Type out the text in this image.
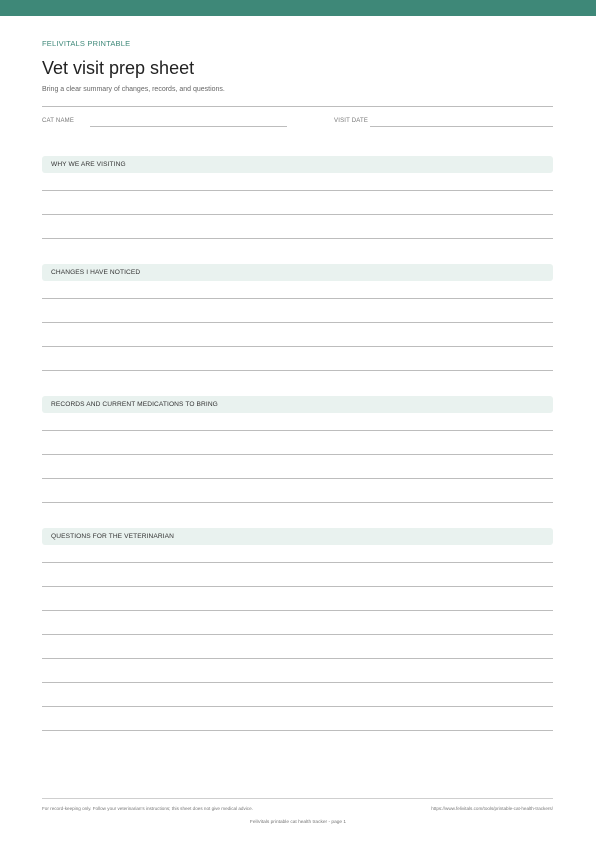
FELIVITALS PRINTABLE
Vet visit prep sheet
Bring a clear summary of changes, records, and questions.
CAT NAME	VISIT DATE
WHY WE ARE VISITING
CHANGES I HAVE NOTICED
RECORDS AND CURRENT MEDICATIONS TO BRING
QUESTIONS FOR THE VETERINARIAN
For record-keeping only. Follow your veterinarian's instructions; this sheet does not give medical advice.	https://www.felivitals.com/tools/printable-cat-health-trackers/
FeliVitals printable cat health tracker - page 1
